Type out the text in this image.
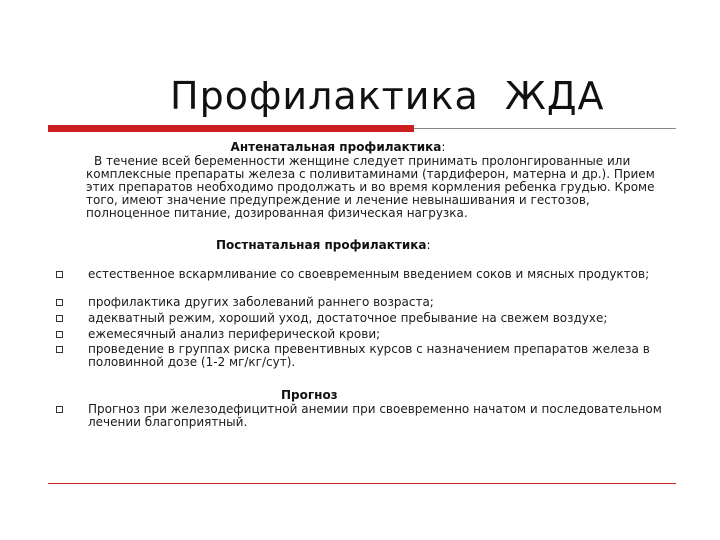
Профилактика  ЖДА
Антенатальная профилактика:
В течение всей беременности женщине следует принимать пролонгированные или комплексные препараты железа с поливитаминами (тардиферон, матерна и др.). Прием этих препаратов необходимо продолжать и во время кормления ребенка грудью. Кроме того, имеют значение предупреждение и лечение невынашивания и гестозов, полноценное питание, дозированная физическая нагрузка.
Постнатальная профилактика:
естественное вскармливание со своевременным введением соков и мясных продуктов;
профилактика других заболеваний раннего возраста;
адекватный режим, хороший уход, достаточное пребывание на свежем воздухе;
ежемесячный анализ периферической крови;
проведение в группах риска превентивных курсов с назначением препаратов железа в половинной дозе (1-2 мг/кг/сут).
Прогноз
Прогноз при железодефицитной анемии при своевременно начатом и последовательном лечении благоприятный.
